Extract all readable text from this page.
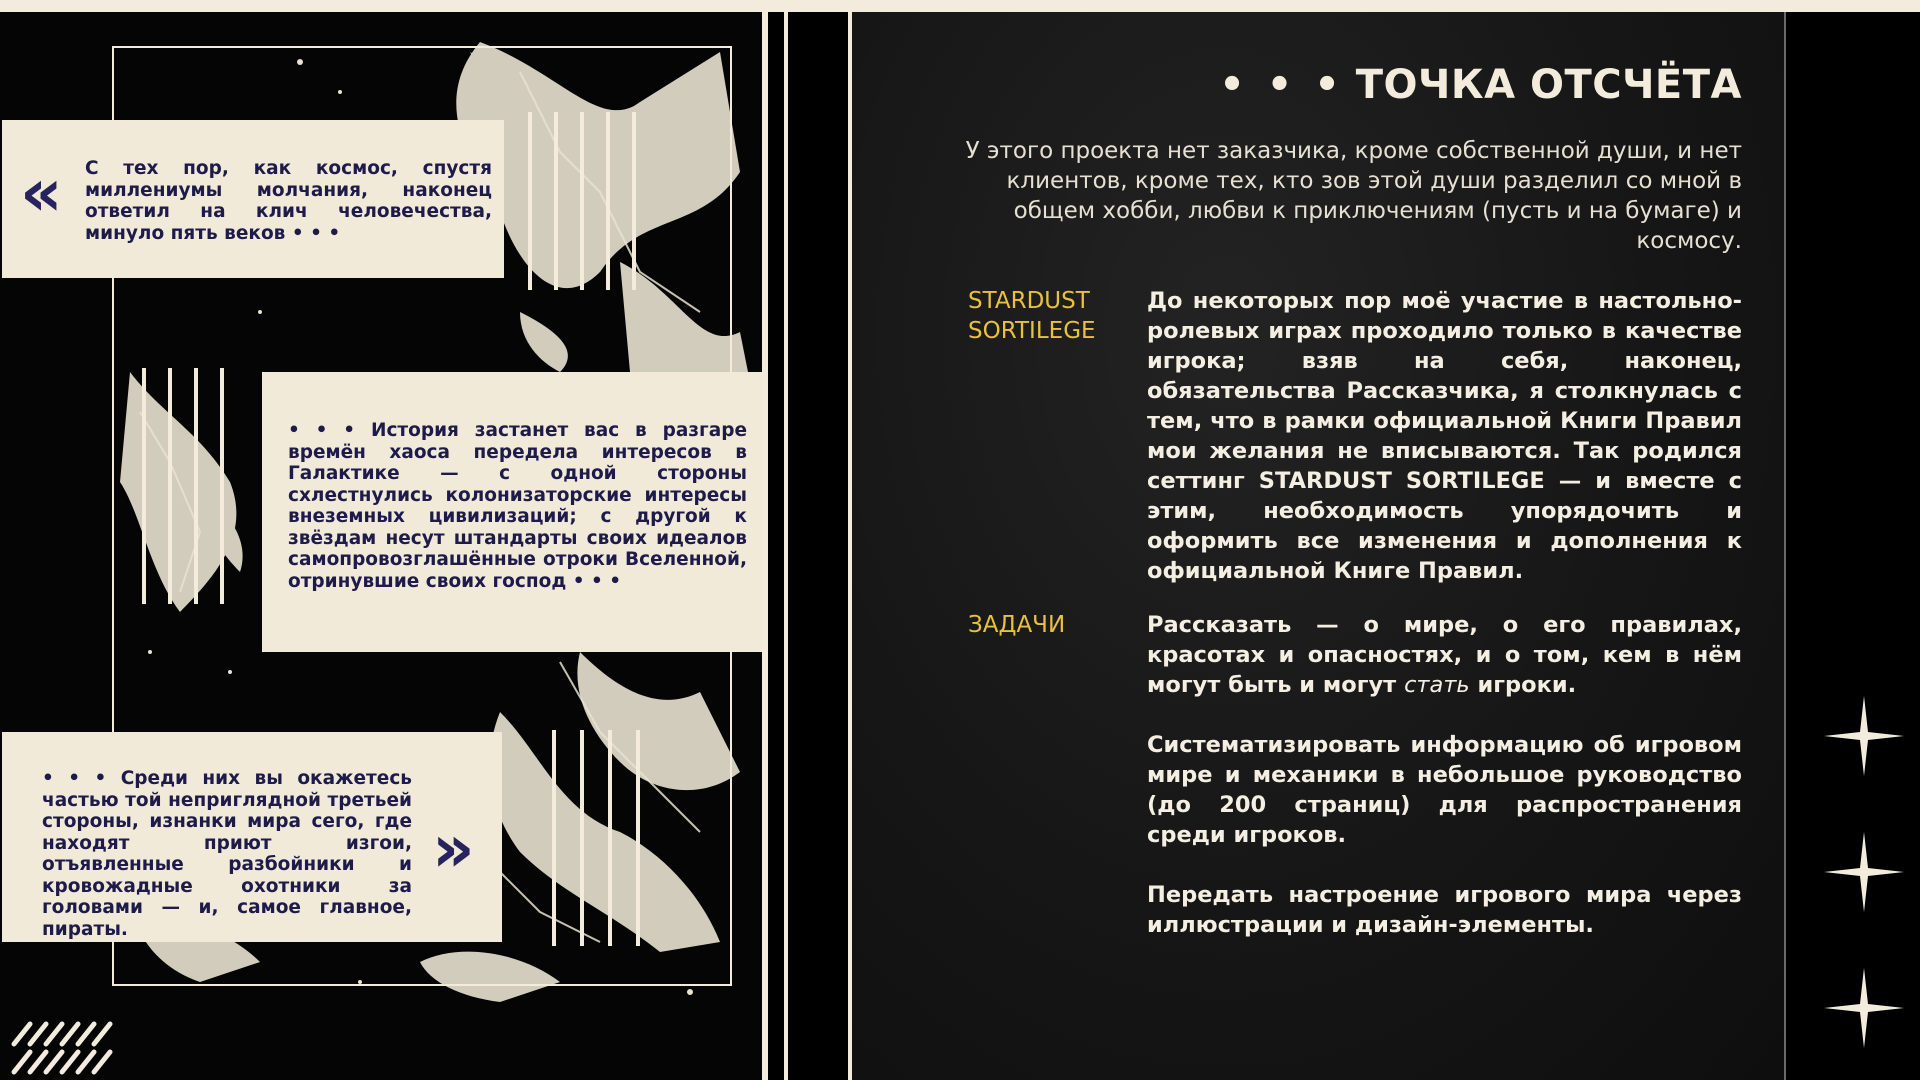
« С тех пор, как космос, спустя миллениумы молчания, наконец ответил на клич человечества, минуло пять веков • • •

• • • История застанет вас в разгаре времён хаоса передела интересов в Галактике — с одной стороны схлестнулись колонизаторские интересы внеземных цивилизаций; с другой к звёздам несут штандарты своих идеалов самопровозглашённые отроки Вселенной, отринувшие своих господ • • •

• • • Среди них вы окажетесь частью той неприглядной третьей стороны, изнанки мира сего, где находят приют изгои, отъявленные разбойники и кровожадные охотники за головами — и, самое главное, пираты.

»
• • • ТОЧКА ОТСЧЁТА

У этого проекта нет заказчика, кроме собственной души, и нет клиентов, кроме тех, кто зов этой души разделил со мной в общем хобби, любви к приключениям (пусть и на бумаге) и космосу.

STARDUST
SORTILEGE

До некоторых пор моё участие в настольно-ролевых играх проходило только в качестве игрока; взяв на себя, наконец, обязательства Рассказчика, я столкнулась с тем, что в рамки официальной Книги Правил мои желания не вписываются. Так родился сеттинг STARDUST SORTILEGE — и вместе с этим, необходимость упорядочить и оформить все изменения и дополнения к официальной Книге Правил.

ЗАДАЧИ	Рассказать — о мире, о его правилах, красотах и опасностях, и о том, кем в нём могут быть и могут стать игроки.

Систематизировать информацию об игровом мире и механики в небольшое руководство (до 200 страниц) для распространения среди игроков.

Передать настроение игрового мира через иллюстрации и дизайн-элементы.
